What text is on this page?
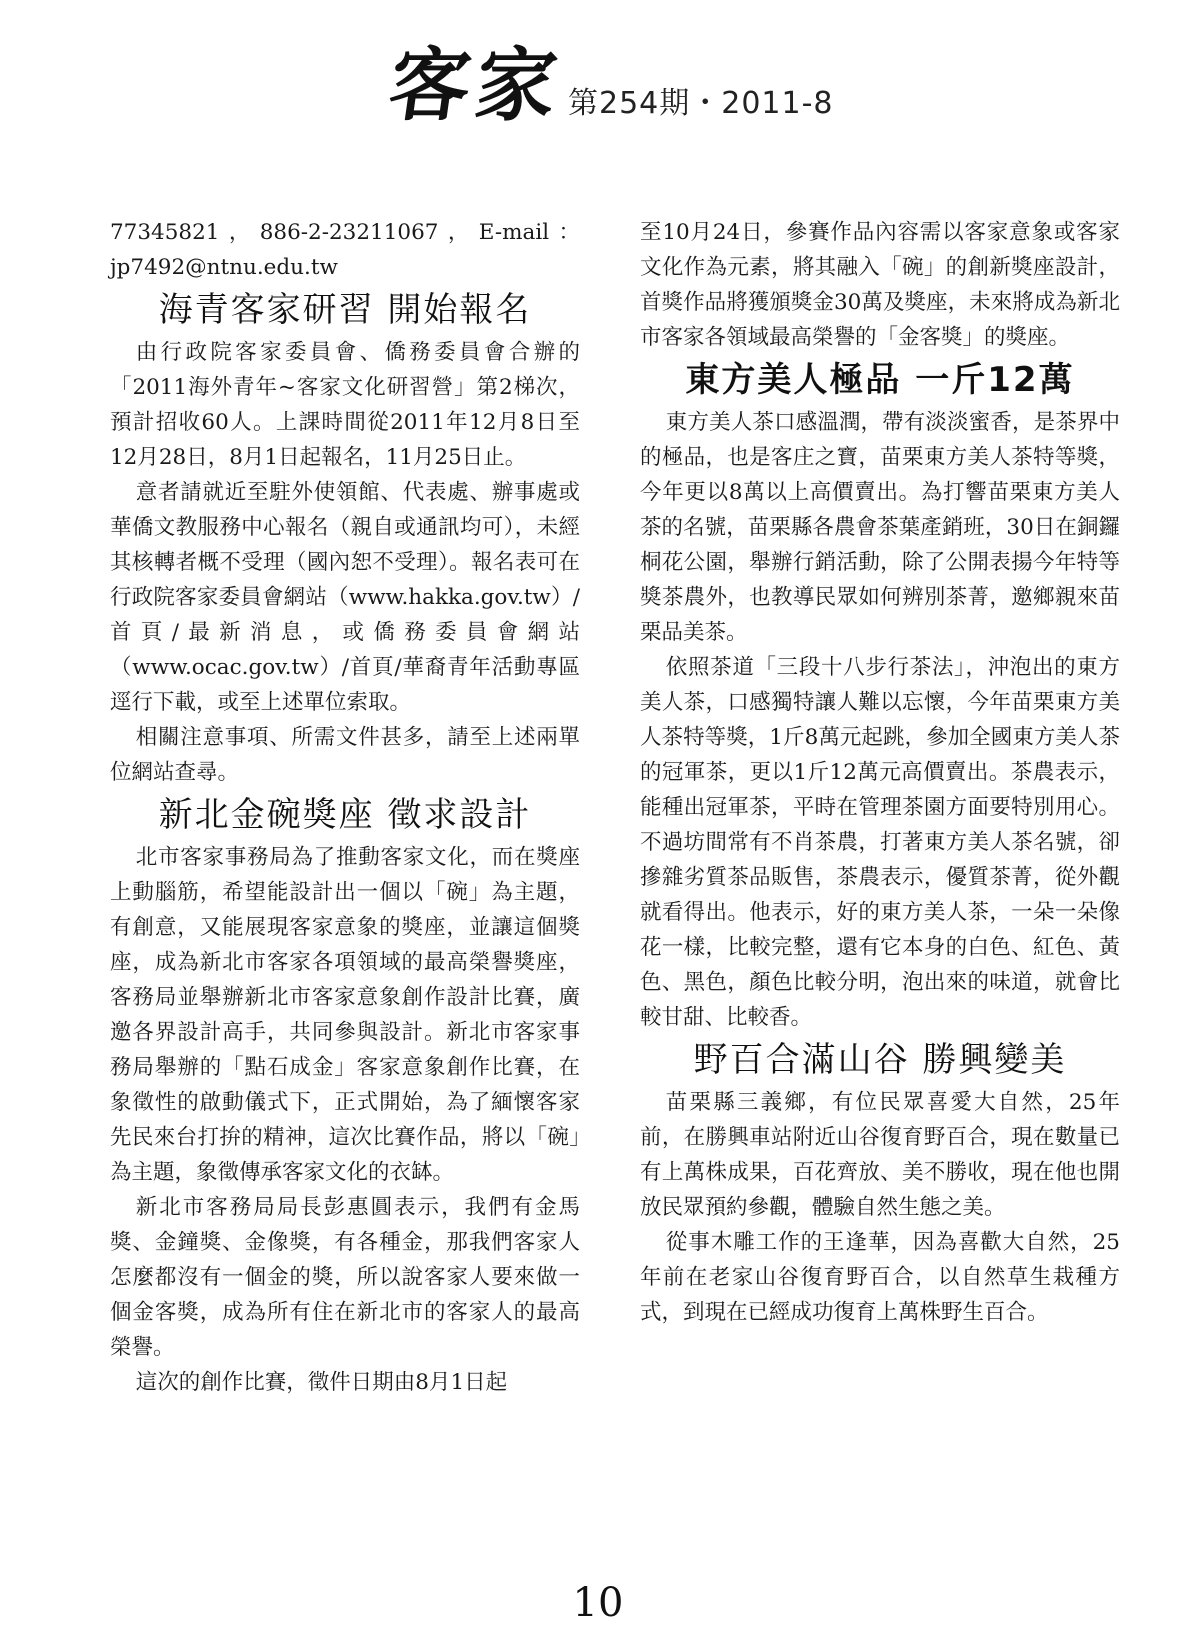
客家 第254期・2011-8

77345821，886-2-23211067，E-mail：jp7492@ntnu.edu.tw

海青客家研習 開始報名

由行政院客家委員會、僑務委員會合辦的「2011海外青年~客家文化研習營」第2梯次，預計招收60人。上課時間從2011年12月8日至12月28日，8月1日起報名，11月25日止。

意者請就近至駐外使領館、代表處、辦事處或華僑文教服務中心報名（親自或通訊均可），未經其核轉者概不受理（國內恕不受理）。報名表可在行政院客家委員會網站（www.hakka.gov.tw）/首頁/最新消息，或僑務委員會網站（www.ocac.gov.tw）/首頁/華裔青年活動專區逕行下載，或至上述單位索取。

相關注意事項、所需文件甚多，請至上述兩單位網站查尋。

新北金碗獎座 徵求設計

北市客家事務局為了推動客家文化，而在獎座上動腦筋，希望能設計出一個以「碗」為主題，有創意，又能展現客家意象的獎座，並讓這個獎座，成為新北市客家各項領域的最高榮譽獎座，客務局並舉辦新北市客家意象創作設計比賽，廣邀各界設計高手，共同參與設計。新北市客家事務局舉辦的「點石成金」客家意象創作比賽，在象徵性的啟動儀式下，正式開始，為了緬懷客家先民來台打拚的精神，這次比賽作品，將以「碗」為主題，象徵傳承客家文化的衣缽。

新北市客務局局長彭惠圓表示，我們有金馬獎、金鐘獎、金像獎，有各種金，那我們客家人怎麼都沒有一個金的獎，所以說客家人要來做一個金客獎，成為所有住在新北市的客家人的最高榮譽。

這次的創作比賽，徵件日期由8月1日起

至10月24日，參賽作品內容需以客家意象或客家文化作為元素，將其融入「碗」的創新獎座設計，首獎作品將獲頒獎金30萬及獎座，未來將成為新北市客家各領域最高榮譽的「金客獎」的獎座。

東方美人極品 一斤12萬

東方美人茶口感溫潤，帶有淡淡蜜香，是茶界中的極品，也是客庄之寶，苗栗東方美人茶特等獎，今年更以8萬以上高價賣出。為打響苗栗東方美人茶的名號，苗栗縣各農會茶葉產銷班，30日在銅鑼桐花公園，舉辦行銷活動，除了公開表揚今年特等獎茶農外，也教導民眾如何辨別茶菁，邀鄉親來苗栗品美茶。

依照茶道「三段十八步行茶法」，沖泡出的東方美人茶，口感獨特讓人難以忘懷，今年苗栗東方美人茶特等獎，1斤8萬元起跳，參加全國東方美人茶的冠軍茶，更以1斤12萬元高價賣出。茶農表示，能種出冠軍茶，平時在管理茶園方面要特別用心。不過坊間常有不肖茶農，打著東方美人茶名號，卻摻雜劣質茶品販售，茶農表示，優質茶菁，從外觀就看得出。他表示，好的東方美人茶，一朵一朵像花一樣，比較完整，還有它本身的白色、紅色、黃色、黑色，顏色比較分明，泡出來的味道，就會比較甘甜、比較香。

野百合滿山谷 勝興變美

苗栗縣三義鄉，有位民眾喜愛大自然，25年前，在勝興車站附近山谷復育野百合，現在數量已有上萬株成果，百花齊放、美不勝收，現在他也開放民眾預約參觀，體驗自然生態之美。

從事木雕工作的王逢華，因為喜歡大自然，25年前在老家山谷復育野百合，以自然草生栽種方式，到現在已經成功復育上萬株野生百合。

10
